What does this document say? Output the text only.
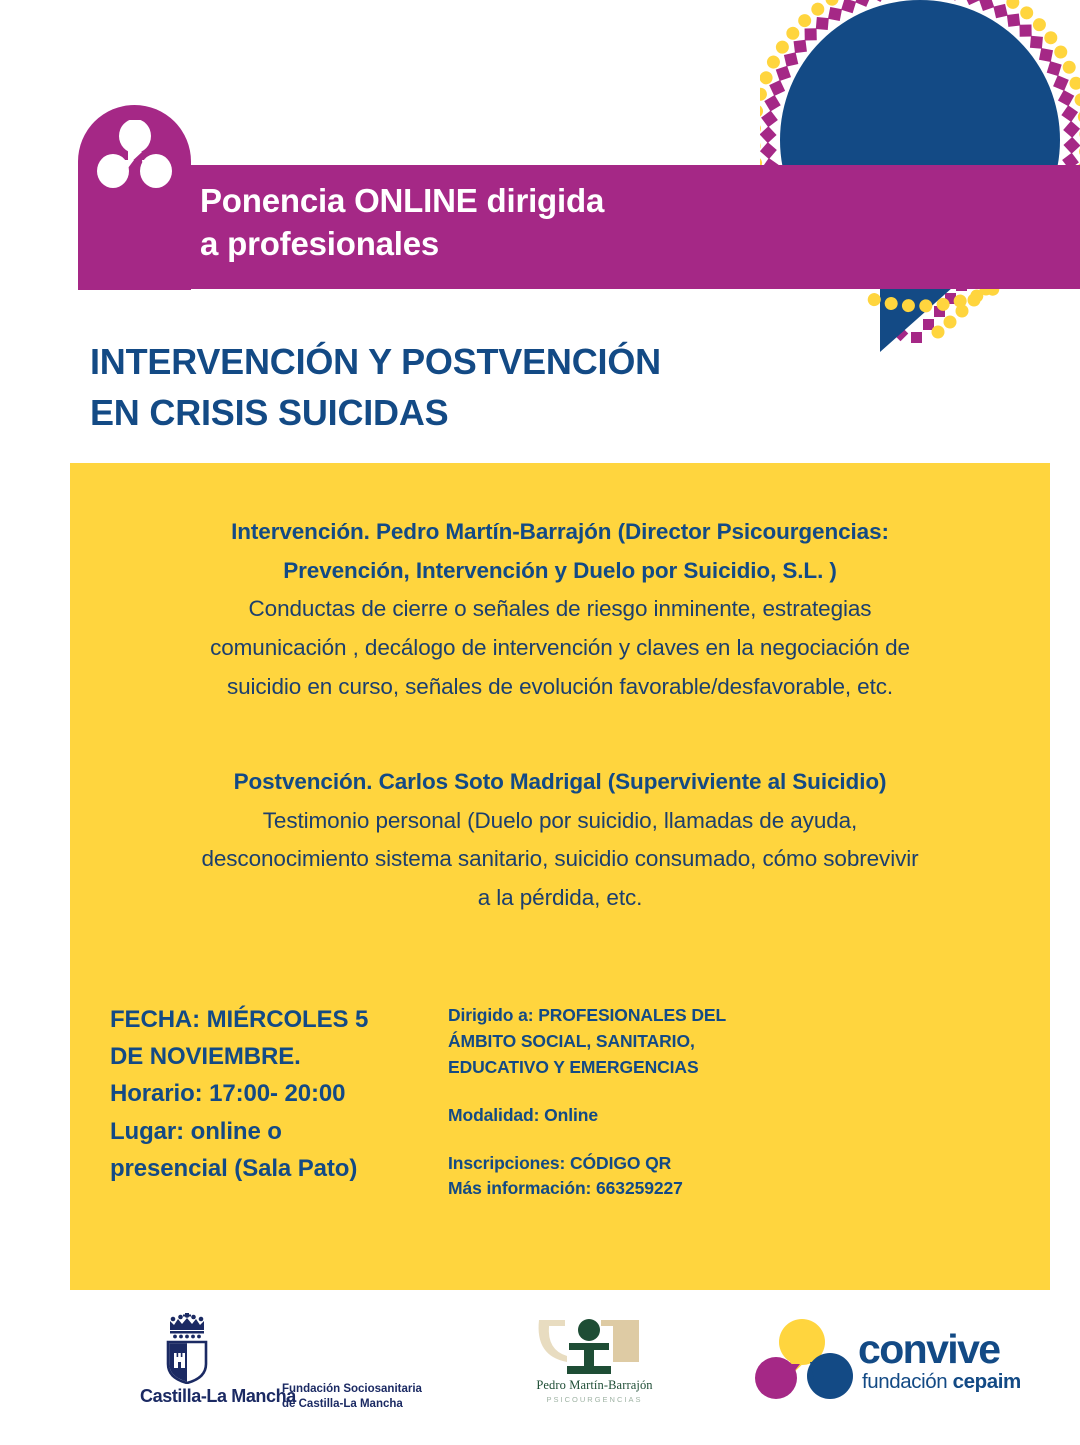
Ponencia ONLINE dirigida
a profesionales
INTERVENCIÓN Y POSTVENCIÓN
EN CRISIS SUICIDAS
Intervención. Pedro Martín-Barrajón (Director Psicourgencias:
Prevención, Intervención y Duelo por Suicidio, S.L. )
Conductas de cierre o señales de riesgo inminente, estrategias
comunicación , decálogo de intervención y claves en la negociación de
suicidio en curso, señales de evolución favorable/desfavorable, etc.
Postvención. Carlos Soto Madrigal (Superviviente al Suicidio)
Testimonio personal (Duelo por suicidio, llamadas de ayuda,
desconocimiento sistema sanitario, suicidio consumado, cómo sobrevivir
a la pérdida, etc.
FECHA: MIÉRCOLES 5
DE NOVIEMBRE.
Horario: 17:00- 20:00
Lugar: online o
presencial (Sala Pato)
Dirigido a: PROFESIONALES DEL
ÁMBITO SOCIAL, SANITARIO,
EDUCATIVO Y EMERGENCIAS
Modalidad: Online
Inscripciones: CÓDIGO QR
Más información: 663259227
Castilla-La Mancha
Fundación Sociosanitaria
de Castilla-La Mancha
Pedro Martín-Barrajón
PSICOURGENCIAS
convive
fundación cepaim
